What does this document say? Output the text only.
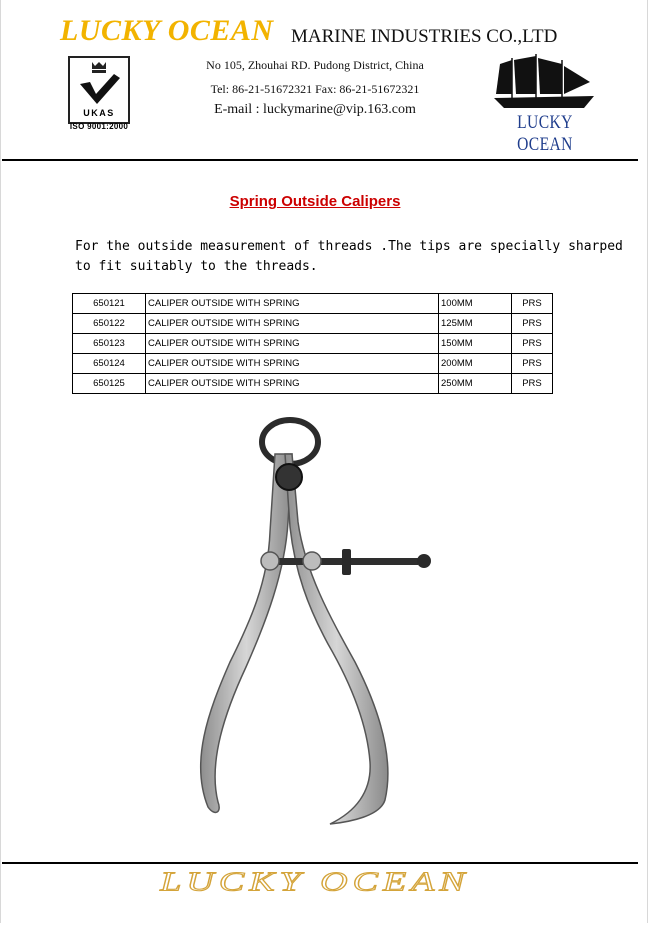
LUCKY OCEAN MARINE INDUSTRIES CO.,LTD
UKAS
ISO 9001:2000
No 105, Zhouhai RD. Pudong District, China
Tel: 86-21-51672321 Fax: 86-21-51672321
E-mail : luckymarine@vip.163.com
LUCKY OCEAN
Spring Outside Calipers
For the outside measurement of threads .The tips are specially sharped to fit suitably to the threads.
650121	CALIPER OUTSIDE WITH SPRING	100MM	PRS
650122	CALIPER OUTSIDE WITH SPRING	125MM	PRS
650123	CALIPER OUTSIDE WITH SPRING	150MM	PRS
650124	CALIPER OUTSIDE WITH SPRING	200MM	PRS
650125	CALIPER OUTSIDE WITH SPRING	250MM	PRS
LUCKY OCEAN
